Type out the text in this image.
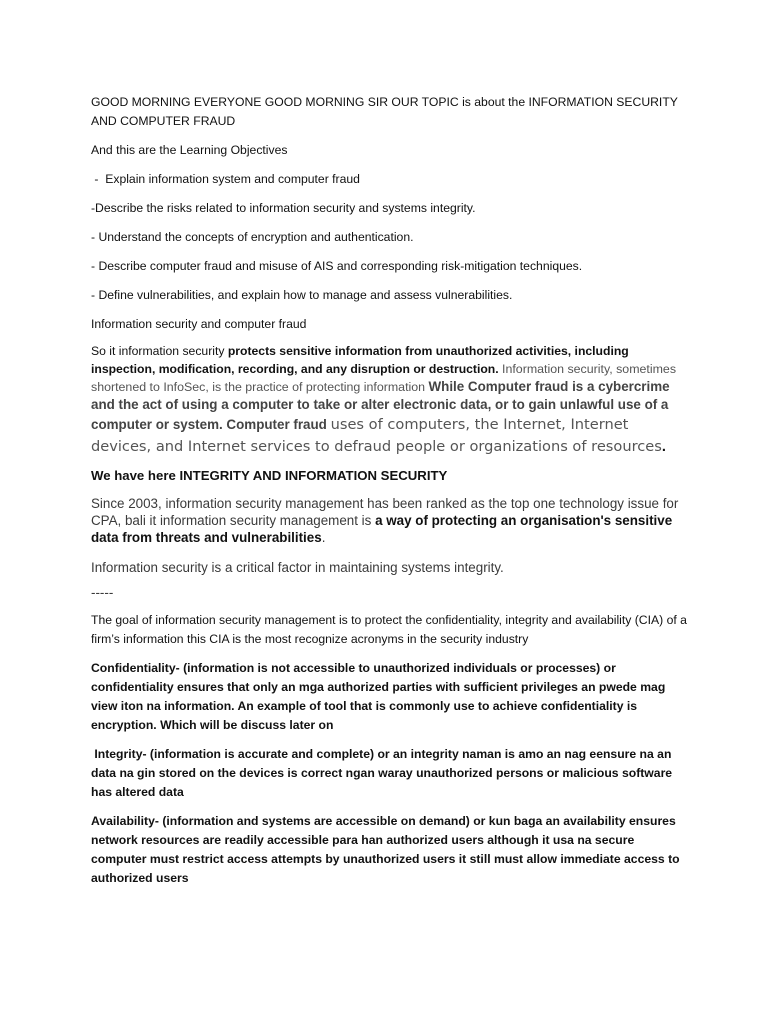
GOOD MORNING EVERYONE GOOD MORNING SIR OUR TOPIC is about the INFORMATION SECURITY AND COMPUTER FRAUD

And this are the Learning Objectives

-  Explain information system and computer fraud

-Describe the risks related to information security and systems integrity.

- Understand the concepts of encryption and authentication.

- Describe computer fraud and misuse of AIS and corresponding risk-mitigation techniques.

- Define vulnerabilities, and explain how to manage and assess vulnerabilities.

Information security and computer fraud

So it information security protects sensitive information from unauthorized activities, including inspection, modification, recording, and any disruption or destruction. Information security, sometimes shortened to InfoSec, is the practice of protecting information While Computer fraud is a cybercrime and the act of using a computer to take or alter electronic data, or to gain unlawful use of a computer or system. Computer fraud uses of computers, the Internet, Internet devices, and Internet services to defraud people or organizations of resources.

We have here INTEGRITY AND INFORMATION SECURITY

Since 2003, information security management has been ranked as the top one technology issue for CPA, bali it information security management is a way of protecting an organisation's sensitive data from threats and vulnerabilities.

Information security is a critical factor in maintaining systems integrity.

-----

The goal of information security management is to protect the confidentiality, integrity and availability (CIA) of a firm’s information this CIA is the most recognize acronyms in the security industry

Confidentiality- (information is not accessible to unauthorized individuals or processes) or confidentiality ensures that only an mga authorized parties with sufficient privileges an pwede mag view iton na information. An example of tool that is commonly use to achieve confidentiality is encryption. Which will be discuss later on

Integrity- (information is accurate and complete) or an integrity naman is amo an nag eensure na an data na gin stored on the devices is correct ngan waray unauthorized persons or malicious software has altered data

Availability- (information and systems are accessible on demand) or kun baga an availability ensures network resources are readily accessible para han authorized users although it usa na secure computer must restrict access attempts by unauthorized users it still must allow immediate access to authorized users
